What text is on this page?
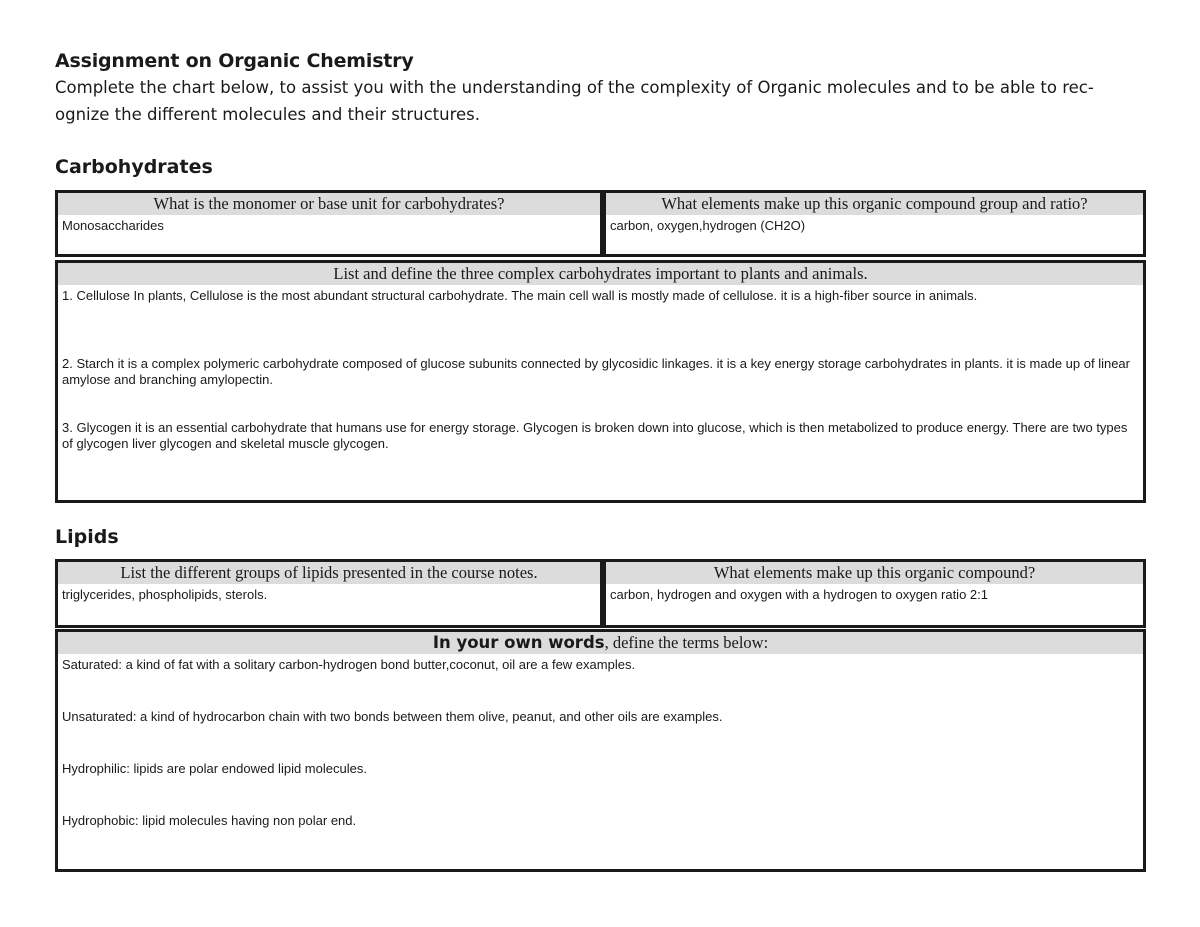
Assignment on Organic Chemistry

Complete the chart below, to assist you with the understanding of the complexity of Organic molecules and to be able to rec-
ognize the different molecules and their structures.

Carbohydrates
What is the monomer or base unit for carbohydrates?
Monosaccharides
What elements make up this organic compound group and ratio?
carbon, oxygen,hydrogen (CH2O)
List and define the three complex carbohydrates important to plants and animals.

1. Cellulose In plants, Cellulose is the most abundant structural carbohydrate. The main cell wall is mostly made of cellulose. it is a high-fiber source in animals.

2. Starch it is a complex polymeric carbohydrate composed of glucose subunits connected by glycosidic linkages. it is a key energy storage carbohydrates in plants. it is made up of linear amylose and branching amylopectin.

3. Glycogen it is an essential carbohydrate that humans use for energy storage. Glycogen is broken down into glucose, which is then metabolized to produce energy. There are two types of glycogen liver glycogen and skeletal muscle glycogen.

Lipids
List the different groups of lipids presented in the course notes.
triglycerides, phospholipids, sterols.
What elements make up this organic compound?
carbon, hydrogen and oxygen with a hydrogen to oxygen ratio 2:1
In your own words, define the terms below:

Saturated: a kind of fat with a solitary carbon-hydrogen bond butter,coconut, oil are a few examples.

Unsaturated: a kind of hydrocarbon chain with two bonds between them olive, peanut, and other oils are examples.

Hydrophilic: lipids are polar endowed lipid molecules.

Hydrophobic: lipid molecules having non polar end.
